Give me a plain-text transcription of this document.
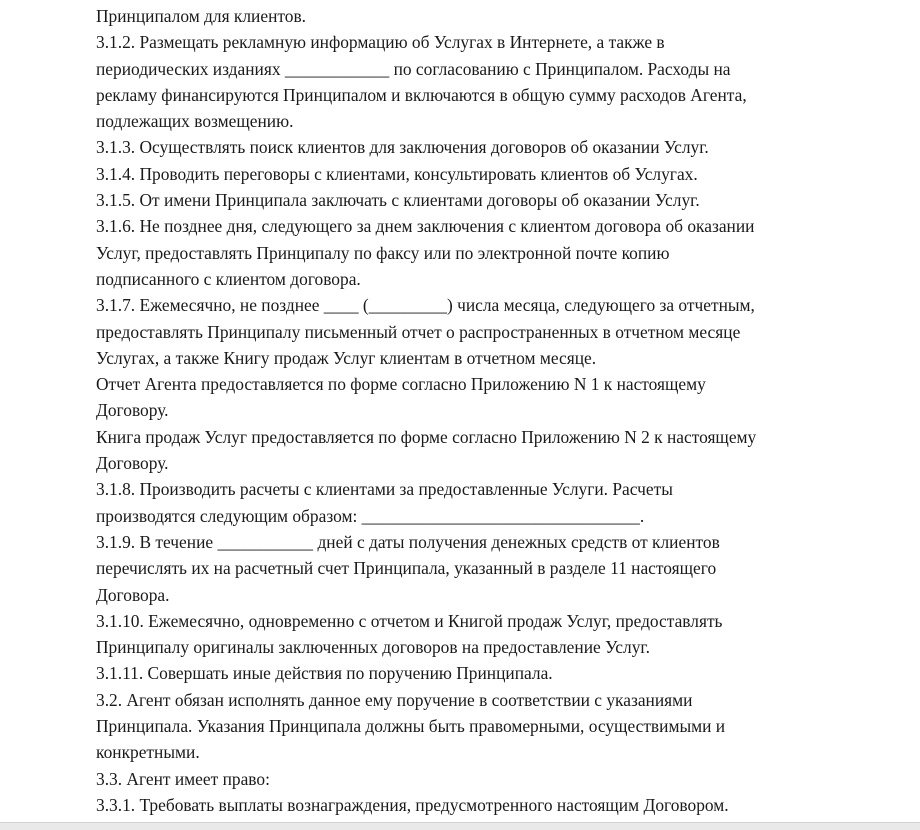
Принципалом для клиентов.
3.1.2. Размещать рекламную информацию об Услугах в Интернете, а также в
периодических изданиях ____________ по согласованию с Принципалом. Расходы на
рекламу финансируются Принципалом и включаются в общую сумму расходов Агента,
подлежащих возмещению.
3.1.3. Осуществлять поиск клиентов для заключения договоров об оказании Услуг.
3.1.4. Проводить переговоры с клиентами, консультировать клиентов об Услугах.
3.1.5. От имени Принципала заключать с клиентами договоры об оказании Услуг.
3.1.6. Не позднее дня, следующего за днем заключения с клиентом договора об оказании
Услуг, предоставлять Принципалу по факсу или по электронной почте копию
подписанного с клиентом договора.
3.1.7. Ежемесячно, не позднее ____ (_________) числа месяца, следующего за отчетным,
предоставлять Принципалу письменный отчет о распространенных в отчетном месяце
Услугах, а также Книгу продаж Услуг клиентам в отчетном месяце.
Отчет Агента предоставляется по форме согласно Приложению N 1 к настоящему
Договору.
Книга продаж Услуг предоставляется по форме согласно Приложению N 2 к настоящему
Договору.
3.1.8. Производить расчеты с клиентами за предоставленные Услуги. Расчеты
производятся следующим образом: ________________________________.
3.1.9. В течение ___________ дней с даты получения денежных средств от клиентов
перечислять их на расчетный счет Принципала, указанный в разделе 11 настоящего
Договора.
3.1.10. Ежемесячно, одновременно с отчетом и Книгой продаж Услуг, предоставлять
Принципалу оригиналы заключенных договоров на предоставление Услуг.
3.1.11. Совершать иные действия по поручению Принципала.
3.2. Агент обязан исполнять данное ему поручение в соответствии с указаниями
Принципала. Указания Принципала должны быть правомерными, осуществимыми и
конкретными.
3.3. Агент имеет право:
3.3.1. Требовать выплаты вознаграждения, предусмотренного настоящим Договором.
